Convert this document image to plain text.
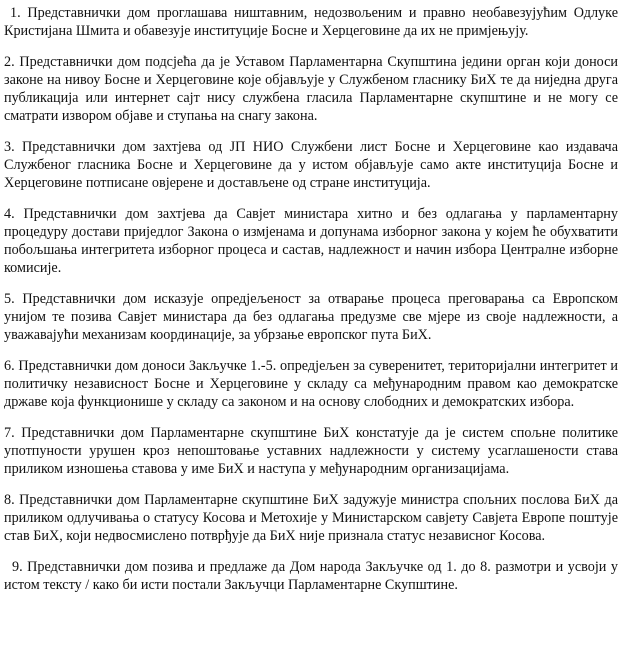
1. Представнички дом проглашава ништавним, недозвољеним и правно необавезујућим Одлуке Кристијана Шмита и обавезује институције Босне и Херцеговине да их не примјењују.

2. Представнички дом подсјећа да је Уставом Парламентарна Скупштина једини орган који доноси законе на нивоу Босне и Херцеговине које објављује у Службеном гласнику БиХ те да ниједна друга публикација или интернет сајт нису службена гласила Парламентарне скупштине и не могу се сматрати извором објаве и ступања на снагу закона.

3. Представнички дом захтјева од ЈП НИО Службени лист Босне и Херцеговине као издавача Службеног гласника Босне и Херцеговине да у истом објављује само акте институција Босне и Херцеговине потписане овјерене и достављене од стране институција.

4. Представнички дом захтјева да Савјет министара хитно и без одлагања у парламентарну процедуру достави приједлог Закона о измјенама и допунама изборног закона у којем ће обухватити побољшања интегритета изборног процеса и састав, надлежност и начин избора Централне изборне комисије.

5. Представнички дом исказује опредјељеност за отварање процеса преговарања са Европском унијом те позива Савјет министара да без одлагања предузме све мјере из своје надлежности, а уважавајући механизам координације, за убрзање европског пута БиХ.

6. Представнички дом доноси Закључке 1.-5. опредјељен за суверенитет, територијални интегритет и политичку независност Босне и Херцеговине у складу са међународним правом као демократске државе која функционише у складу са законом и на основу слободних и демократских избора.

7. Представнички дом Парламентарне скупштине БиХ констатује да је систем спољне политике употпуности урушен кроз непоштовање уставних надлежности у систему усаглашености става приликом изношења ставова у име БиХ и наступа у међународним организацијама.

8. Представнички дом Парламентарне скупштине БиХ задужује министра спољних послова БиХ да приликом одлучивања о статусу Косова и Метохије у Министарском савјету Савјета Европе поштује став БиХ, који недвосмислено потврђује да БиХ није признала статус независног Косова.

9. Представнички дом позива и предлаже да Дом народа Закључке од 1. до 8. размотри и усвоји у истом тексту / како би исти постали Закључци Парламентарне Скупштине.
